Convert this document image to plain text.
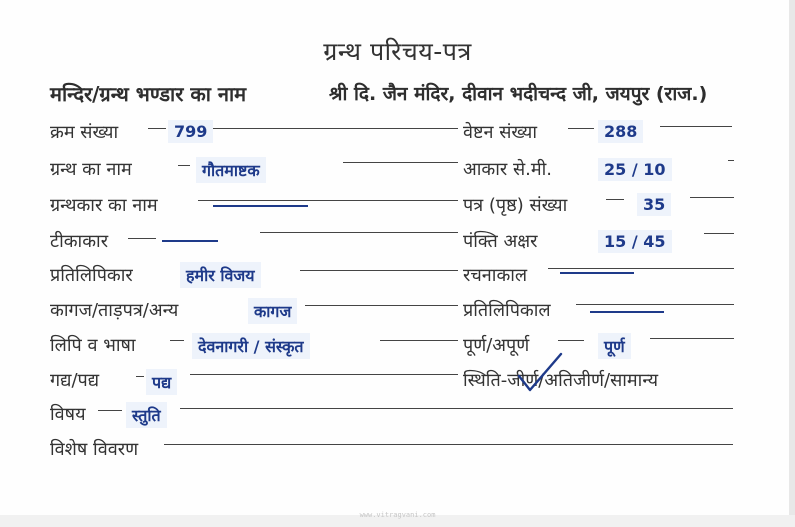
ग्रन्थ परिचय-पत्र
मन्दिर/ग्रन्थ भण्डार का नाम	श्री दि. जैन मंदिर, दीवान भदीचन्द जी, जयपुर (राज.)
क्रम संख्या	799
ग्रन्थ का नाम	गौतमाष्टक
ग्रन्थकार का नाम
टीकाकार
प्रतिलिपिकार	हमीर विजय
कागज/ताड़पत्र/अन्य	कागज
लिपि व भाषा	देवनागरी / संस्कृत
गद्य/पद्य	पद्य
विषय	स्तुति
विशेष विवरण
वेष्टन संख्या	288
आकार से.मी.	25 / 10
पत्र (पृष्ठ) संख्या	35
पंक्ति अक्षर	15 / 45
रचनाकाल
प्रतिलिपिकाल
पूर्ण/अपूर्ण	पूर्ण
स्थिति-जीर्ण/अतिजीर्ण/सामान्य
www.vitragvani.com
